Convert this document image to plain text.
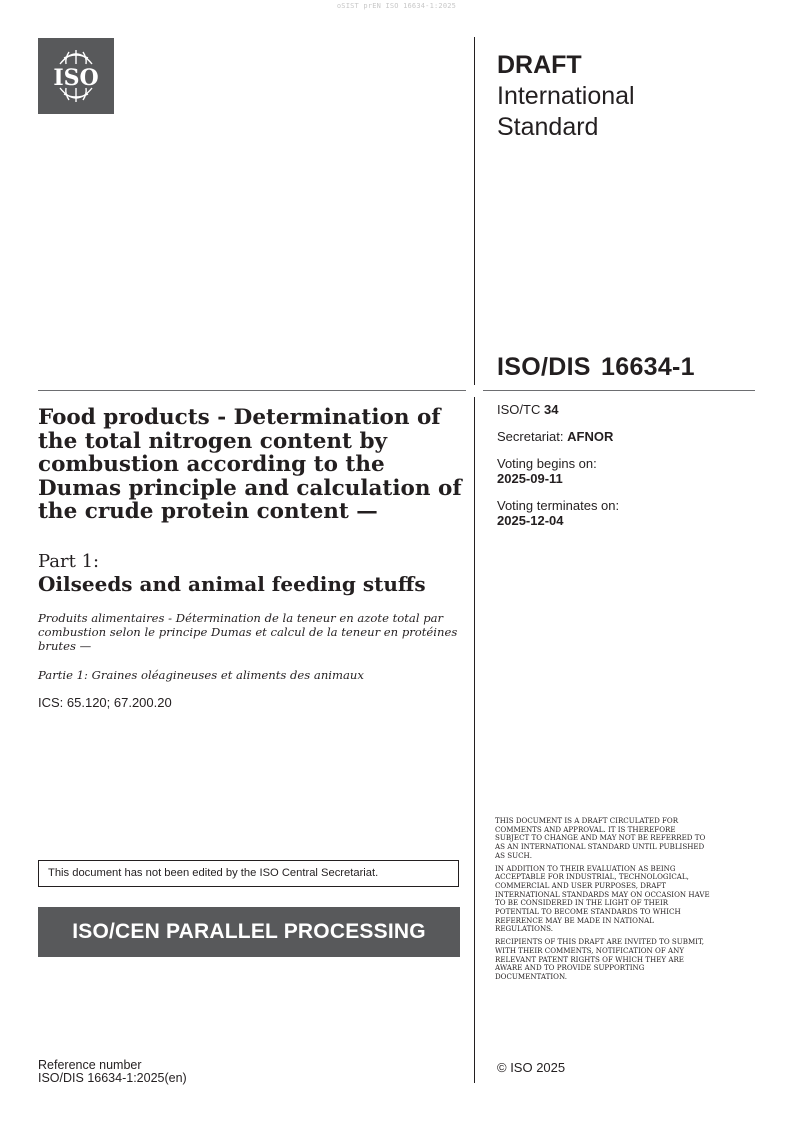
oSIST prEN ISO 16634-1:2025
ISO	DRAFT
International
Standard
ISO/DIS 16634-1

ISO/TC 34

Secretariat: AFNOR

Voting begins on:
2025-09-11

Voting terminates on:
2025-12-04

Food products - Determination of the total nitrogen content by combustion according to the Dumas principle and calculation of the crude protein content —
Part 1:
Oilseeds and animal feeding stuffs
Produits alimentaires - Détermination de la teneur en azote total par combustion selon le principe Dumas et calcul de la teneur en protéines brutes —
Partie 1: Graines oléagineuses et aliments des animaux
ICS: 65.120; 67.200.20
This document has not been edited by the ISO Central Secretariat.
ISO/CEN PARALLEL PROCESSING

THIS DOCUMENT IS A DRAFT CIRCULATED FOR COMMENTS AND APPROVAL. IT IS THEREFORE SUBJECT TO CHANGE AND MAY NOT BE REFERRED TO AS AN INTERNATIONAL STANDARD UNTIL PUBLISHED AS SUCH.

IN ADDITION TO THEIR EVALUATION AS BEING ACCEPTABLE FOR INDUSTRIAL, TECHNOLOGICAL, COMMERCIAL AND USER PURPOSES, DRAFT INTERNATIONAL STANDARDS MAY ON OCCASION HAVE TO BE CONSIDERED IN THE LIGHT OF THEIR POTENTIAL TO BECOME STANDARDS TO WHICH REFERENCE MAY BE MADE IN NATIONAL REGULATIONS.

RECIPIENTS OF THIS DRAFT ARE INVITED TO SUBMIT, WITH THEIR COMMENTS, NOTIFICATION OF ANY RELEVANT PATENT RIGHTS OF WHICH THEY ARE AWARE AND TO PROVIDE SUPPORTING DOCUMENTATION.

© ISO 2025
Reference number
ISO/DIS 16634-1:2025(en)
